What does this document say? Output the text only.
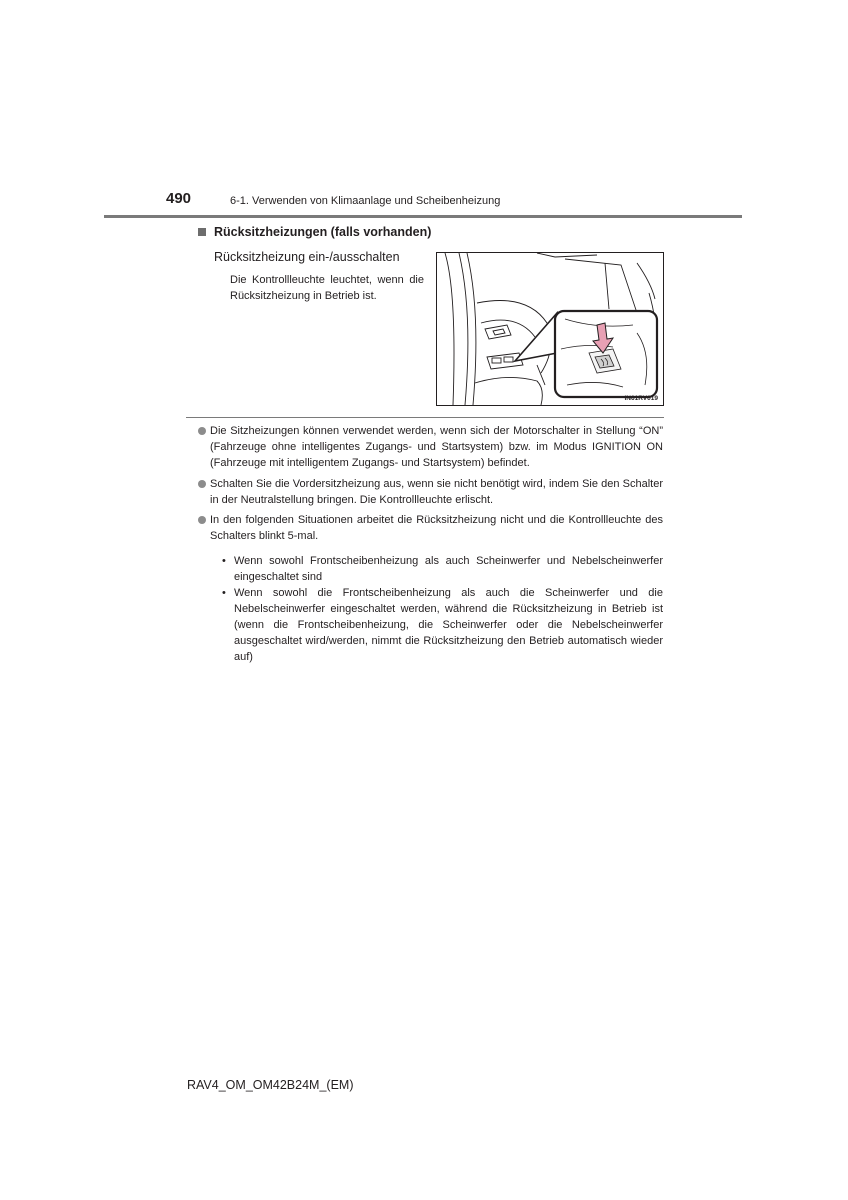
490	6-1. Verwenden von Klimaanlage und Scheibenheizung
Rücksitzheizungen (falls vorhanden)
Rücksitzheizung ein-/ausschalten
Die Kontrollleuchte leuchtet, wenn die Rücksitzheizung in Betrieb ist.
IN61RV019
Die Sitzheizungen können verwendet werden, wenn sich der Motorschalter in Stellung “ON” (Fahrzeuge ohne intelligentes Zugangs- und Startsystem) bzw. im Modus IGNITION ON (Fahrzeuge mit intelligentem Zugangs- und Startsystem) befindet.
Schalten Sie die Vordersitzheizung aus, wenn sie nicht benötigt wird, indem Sie den Schalter in der Neutralstellung bringen. Die Kontrollleuchte erlischt.
In den folgenden Situationen arbeitet die Rücksitzheizung nicht und die Kontrollleuchte des Schalters blinkt 5-mal.
• Wenn sowohl Frontscheibenheizung als auch Scheinwerfer und Nebelscheinwerfer eingeschaltet sind
• Wenn sowohl die Frontscheibenheizung als auch die Scheinwerfer und die Nebelscheinwerfer eingeschaltet werden, während die Rücksitzheizung in Betrieb ist (wenn die Frontscheibenheizung, die Scheinwerfer oder die Nebelscheinwerfer ausgeschaltet wird/werden, nimmt die Rücksitzheizung den Betrieb automatisch wieder auf)
RAV4_OM_OM42B24M_(EM)
